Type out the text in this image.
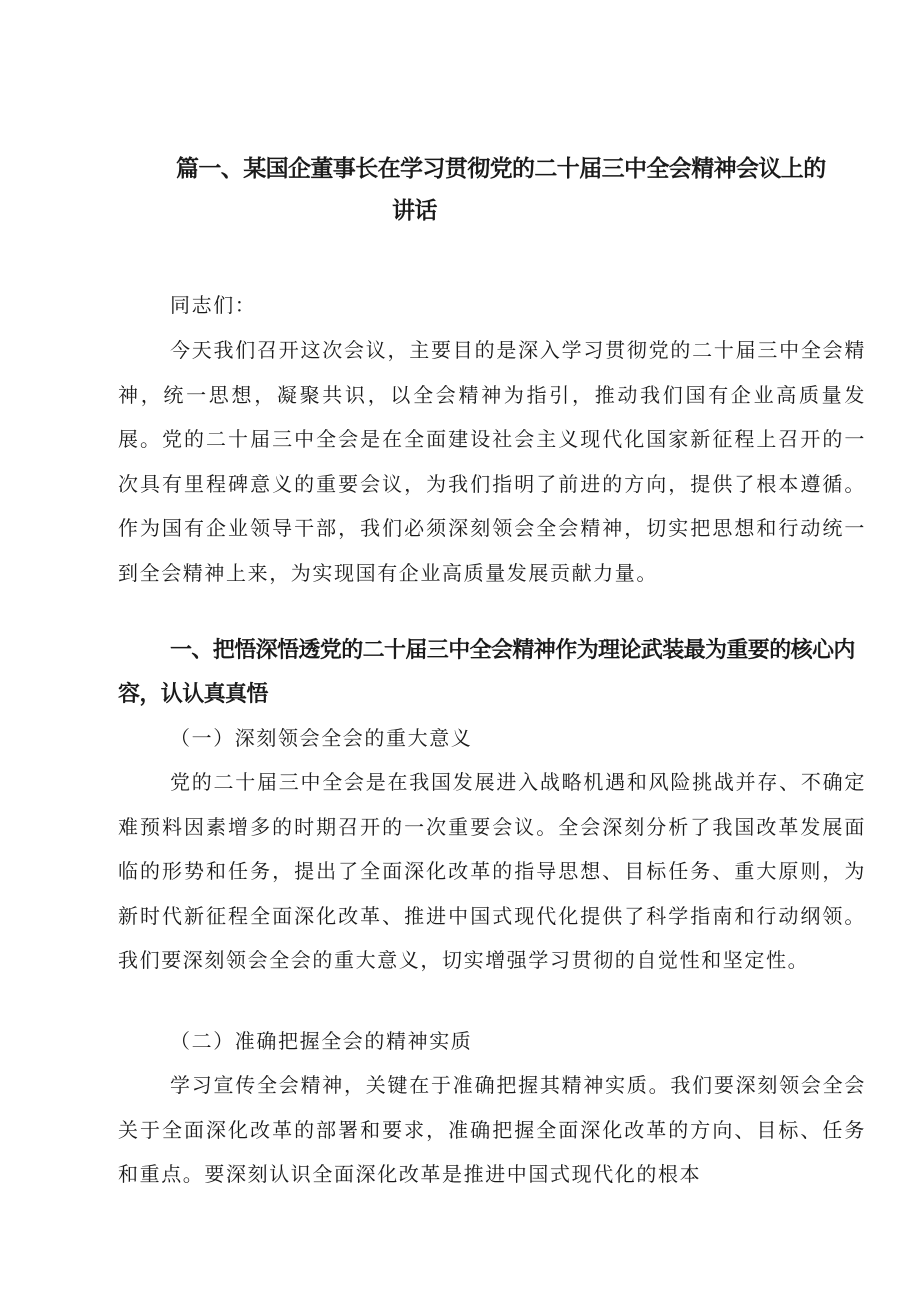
篇一、某国企董事长在学习贯彻党的二十届三中全会精神会议上的
讲话

同志们：

今天我们召开这次会议，主要目的是深入学习贯彻党的二十届三中全会精神，统一思想，凝聚共识，以全会精神为指引，推动我们国有企业高质量发展。党的二十届三中全会是在全面建设社会主义现代化国家新征程上召开的一次具有里程碑意义的重要会议，为我们指明了前进的方向，提供了根本遵循。作为国有企业领导干部，我们必须深刻领会全会精神，切实把思想和行动统一到全会精神上来，为实现国有企业高质量发展贡献力量。

一、把悟深悟透党的二十届三中全会精神作为理论武装最为重要的核心内容，认认真真悟

（一）深刻领会全会的重大意义

党的二十届三中全会是在我国发展进入战略机遇和风险挑战并存、不确定难预料因素增多的时期召开的一次重要会议。全会深刻分析了我国改革发展面临的形势和任务，提出了全面深化改革的指导思想、目标任务、重大原则，为新时代新征程全面深化改革、推进中国式现代化提供了科学指南和行动纲领。我们要深刻领会全会的重大意义，切实增强学习贯彻的自觉性和坚定性。

（二）准确把握全会的精神实质

学习宣传全会精神，关键在于准确把握其精神实质。我们要深刻领会全会关于全面深化改革的部署和要求，准确把握全面深化改革的方向、目标、任务和重点。要深刻认识全面深化改革是推进中国式现代化的根本
